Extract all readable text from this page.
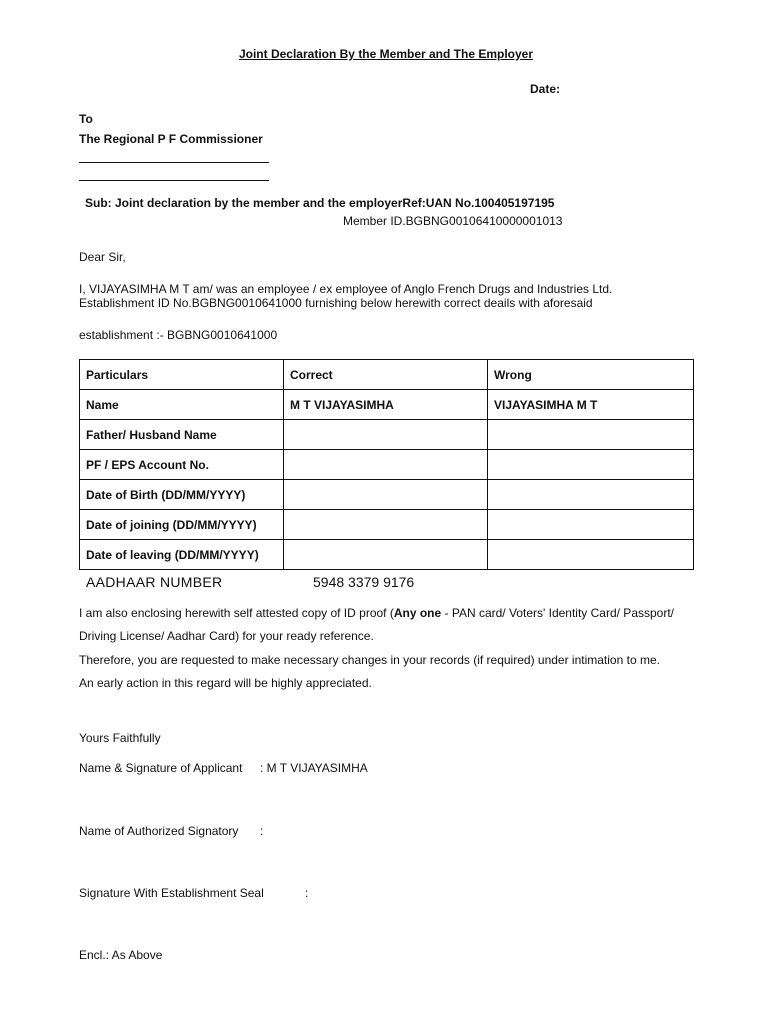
Joint Declaration By the Member and The Employer
Date:
To
The Regional P F Commissioner
Sub: Joint declaration by the member and the employerRef:UAN No.100405197195
Member ID.BGBNG00106410000001013
Dear Sir,
I, VIJAYASIMHA M T am/ was an employee / ex employee of Anglo French Drugs and Industries Ltd.
Establishment ID No.BGBNG0010641000 furnishing below herewith correct deails with aforesaid
establishment :- BGBNG0010641000
Particulars	Correct	Wrong
Name	M T VIJAYASIMHA	VIJAYASIMHA M T
Father/ Husband Name		
PF / EPS Account No.		
Date of Birth (DD/MM/YYYY)		
Date of joining (DD/MM/YYYY)		
Date of leaving (DD/MM/YYYY)		
AADHAAR NUMBER	5948 3379 9176
I am also enclosing herewith self attested copy of ID proof (Any one - PAN card/ Voters' Identity Card/ Passport/
Driving License/ Aadhar Card) for your ready reference.
Therefore, you are requested to make necessary changes in your records (if required) under intimation to me.
An early action in this regard will be highly appreciated.
Yours Faithfully
Name & Signature of Applicant : M T VIJAYASIMHA
Name of Authorized Signatory :
Signature With Establishment Seal	:
Encl.: As Above
